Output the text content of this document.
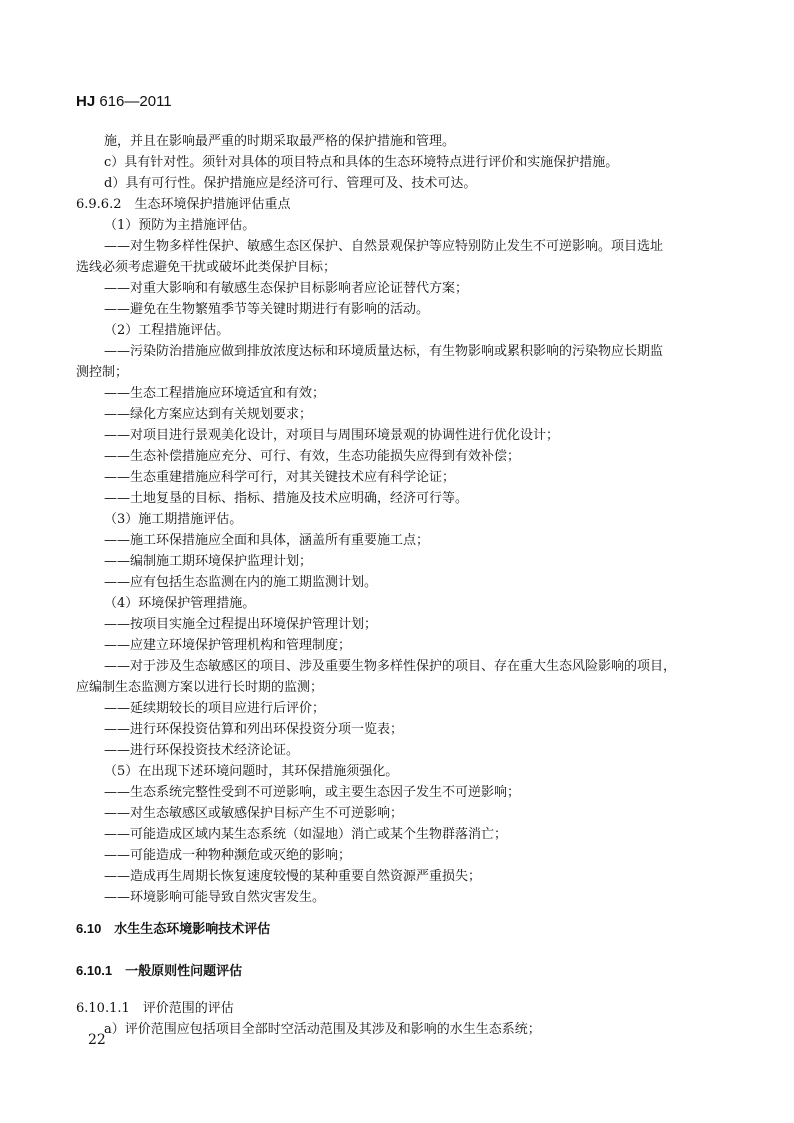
HJ 616—2011
施，并且在影响最严重的时期采取最严格的保护措施和管理。
c）具有针对性。须针对具体的项目特点和具体的生态环境特点进行评价和实施保护措施。
d）具有可行性。保护措施应是经济可行、管理可及、技术可达。
6.9.6.2　生态环境保护措施评估重点
（1）预防为主措施评估。
——对生物多样性保护、敏感生态区保护、自然景观保护等应特别防止发生不可逆影响。项目选址
选线必须考虑避免干扰或破坏此类保护目标；
——对重大影响和有敏感生态保护目标影响者应论证替代方案；
——避免在生物繁殖季节等关键时期进行有影响的活动。
（2）工程措施评估。
——污染防治措施应做到排放浓度达标和环境质量达标，有生物影响或累积影响的污染物应长期监
测控制；
——生态工程措施应环境适宜和有效；
——绿化方案应达到有关规划要求；
——对项目进行景观美化设计，对项目与周围环境景观的协调性进行优化设计；
——生态补偿措施应充分、可行、有效，生态功能损失应得到有效补偿；
——生态重建措施应科学可行，对其关键技术应有科学论证；
——土地复垦的目标、指标、措施及技术应明确，经济可行等。
（3）施工期措施评估。
——施工环保措施应全面和具体，涵盖所有重要施工点；
——编制施工期环境保护监理计划；
——应有包括生态监测在内的施工期监测计划。
（4）环境保护管理措施。
——按项目实施全过程提出环境保护管理计划；
——应建立环境保护管理机构和管理制度；
——对于涉及生态敏感区的项目、涉及重要生物多样性保护的项目、存在重大生态风险影响的项目，
应编制生态监测方案以进行长时期的监测；
——延续期较长的项目应进行后评价；
——进行环保投资估算和列出环保投资分项一览表；
——进行环保投资技术经济论证。
（5）在出现下述环境问题时，其环保措施须强化。
——生态系统完整性受到不可逆影响，或主要生态因子发生不可逆影响；
——对生态敏感区或敏感保护目标产生不可逆影响；
——可能造成区域内某生态系统（如湿地）消亡或某个生物群落消亡；
——可能造成一种物种濒危或灭绝的影响；
——造成再生周期长恢复速度较慢的某种重要自然资源严重损失；
——环境影响可能导致自然灾害发生。
6.10　水生生态环境影响技术评估
6.10.1　一般原则性问题评估
6.10.1.1　评价范围的评估
a）评价范围应包括项目全部时空活动范围及其涉及和影响的水生生态系统；
22
